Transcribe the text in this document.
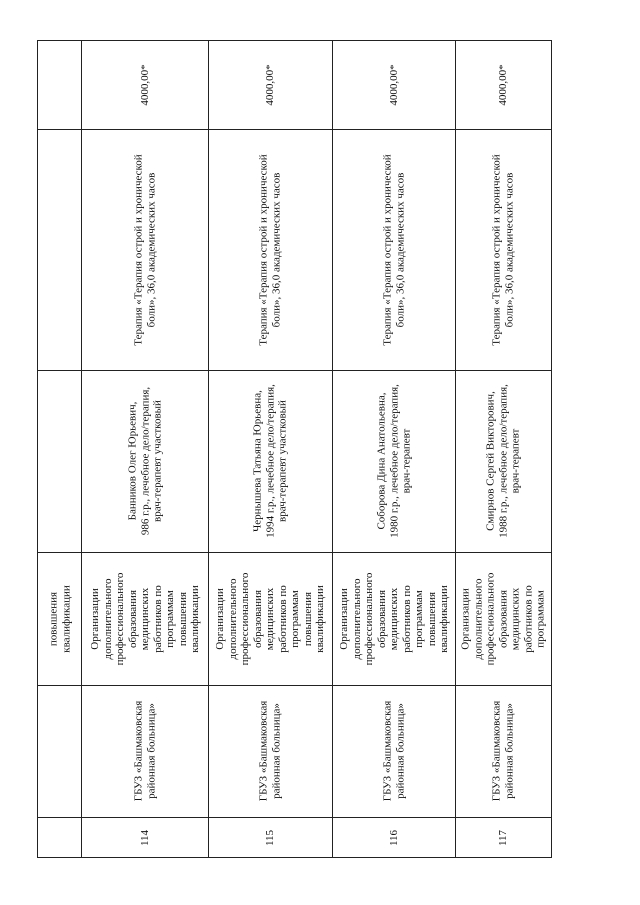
повышения квалификации
4000,00*
Терапия «Терапия острой и хронической боли», 36,0 академических часов
Банников Олег Юрьевич, 986 г.р., лечебное дело/терапия, врач-терапевт участковый
Организации дополнительного профессионального образования медицинских работников по программам повышения квалификации
ГБУЗ «Башмаковская районная больница»
114
4000,00*
Терапия «Терапия острой и хронической боли», 36,0 академических часов
Чернышева Татьяна Юрьевна, 1994 г.р., лечебное дело/терапия, врач-терапевт участковый
Организации дополнительного профессионального образования медицинских работников по программам повышения квалификации
ГБУЗ «Башмаковская районная больница»
115
4000,00*
Терапия «Терапия острой и хронической боли», 36,0 академических часов
Соборова Дина Анатольевна, 1980 г.р., лечебное дело/терапия, врач-терапевт
Организации дополнительного профессионального образования медицинских работников по программам повышения квалификации
ГБУЗ «Башмаковская районная больница»
116
4000,00*
Терапия «Терапия острой и хронической боли», 36,0 академических часов
Смирнов Сергей Викторович, 1988 г.р., лечебное дело/терапия, врач-терапевт
Организации дополнительного профессионального образования медицинских работников по программам
ГБУЗ «Башмаковская районная больница»
117
